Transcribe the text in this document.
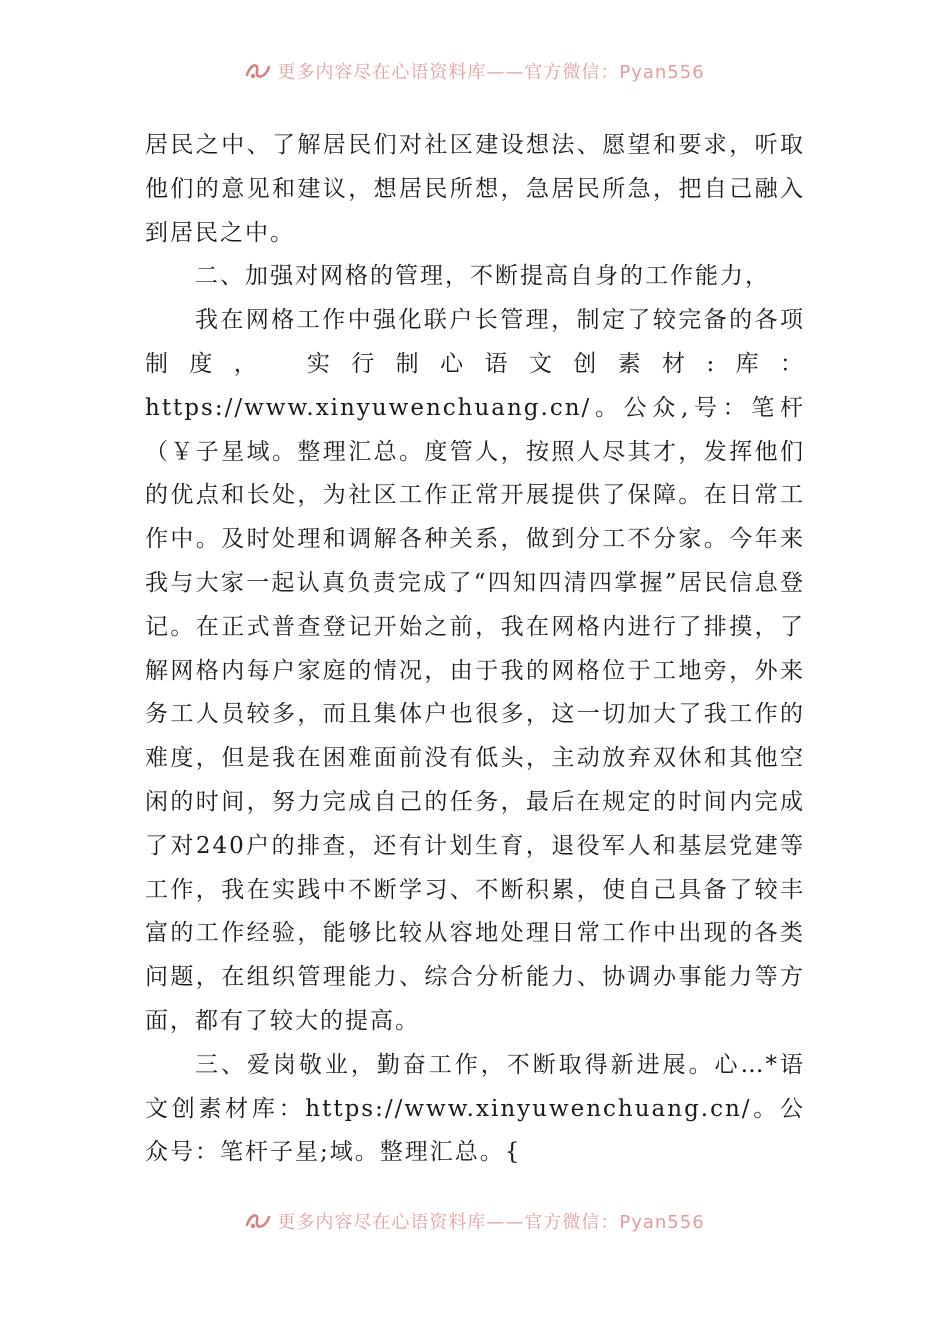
更多内容尽在心语资料库——官方微信：Pyan556

居民之中、了解居民们对社区建设想法、愿望和要求，听取他们的意见和建议，想居民所想，急居民所急，把自己融入到居民之中。

二、加强对网格的管理，不断提高自身的工作能力，

我在网格工作中强化联户长管理，制定了较完备的各项制度， 实行制心语文创素材:库： https://www.xinyuwenchuang.cn/。公众,号：笔杆（￥子星域。整理汇总。度管人，按照人尽其才，发挥他们的优点和长处，为社区工作正常开展提供了保障。在日常工作中。及时处理和调解各种关系，做到分工不分家。今年来我与大家一起认真负责完成了“四知四清四掌握”居民信息登记。在正式普查登记开始之前，我在网格内进行了排摸，了解网格内每户家庭的情况，由于我的网格位于工地旁，外来务工人员较多，而且集体户也很多，这一切加大了我工作的难度，但是我在困难面前没有低头，主动放弃双休和其他空闲的时间，努力完成自己的任务，最后在规定的时间内完成了对240户的排查，还有计划生育，退役军人和基层党建等工作，我在实践中不断学习、不断积累，使自己具备了较丰富的工作经验，能够比较从容地处理日常工作中出现的各类问题，在组织管理能力、综合分析能力、协调办事能力等方面，都有了较大的提高。

三、爱岗敬业，勤奋工作，不断取得新进展。心…*语文创素材库：https://www.xinyuwenchuang.cn/。公众号：笔杆子星;域。整理汇总。{

更多内容尽在心语资料库——官方微信：Pyan556
